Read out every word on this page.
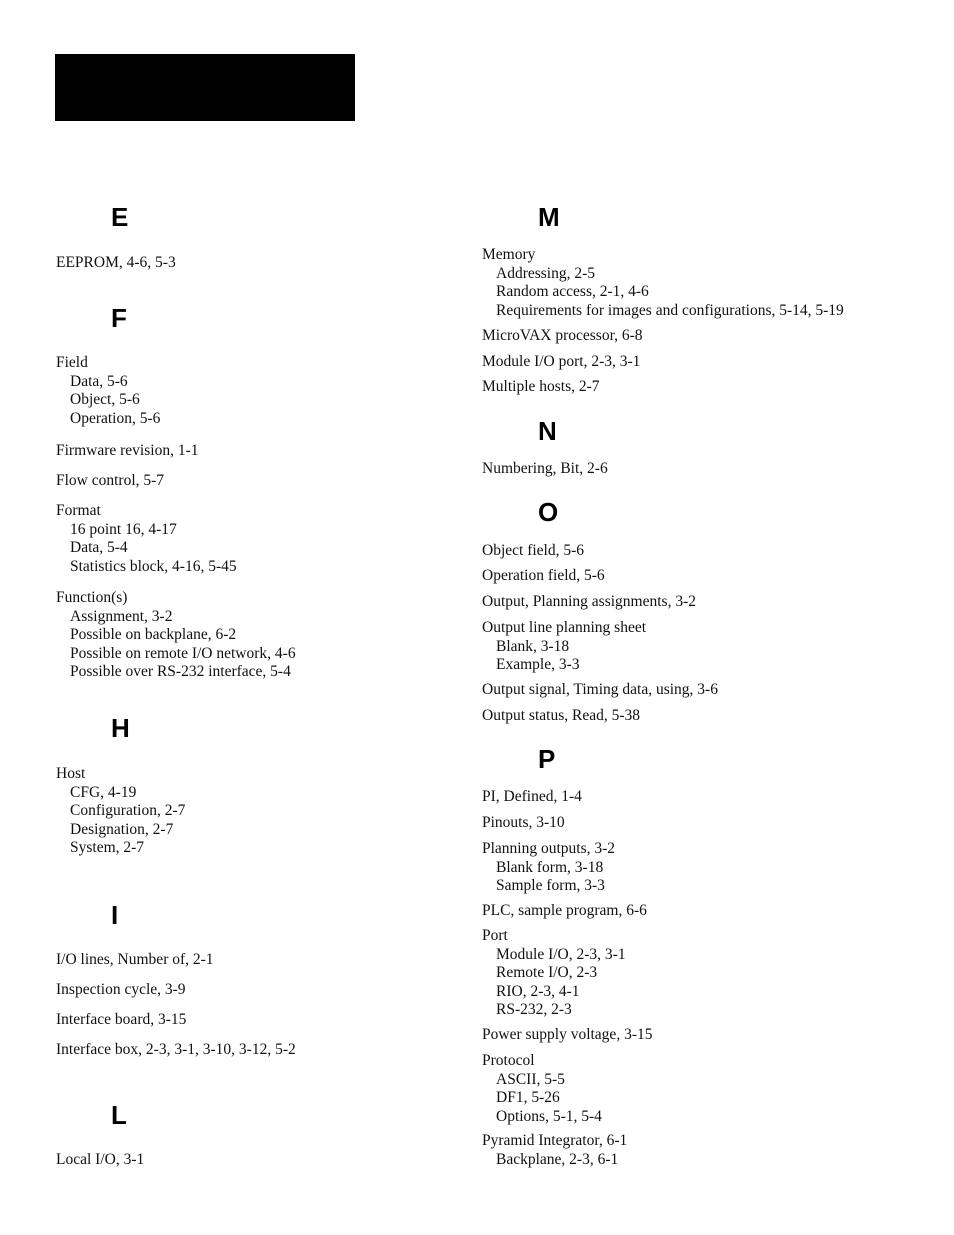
E
EEPROM, 4-6, 5-3
F
Field
Data, 5-6
Object, 5-6
Operation, 5-6
Firmware revision, 1-1
Flow control, 5-7
Format
16 point 16, 4-17
Data, 5-4
Statistics block, 4-16, 5-45
Function(s)
Assignment, 3-2
Possible on backplane, 6-2
Possible on remote I/O network, 4-6
Possible over RS-232 interface, 5-4
H
Host
CFG, 4-19
Configuration, 2-7
Designation, 2-7
System, 2-7
I
I/O lines, Number of, 2-1
Inspection cycle, 3-9
Interface board, 3-15
Interface box, 2-3, 3-1, 3-10, 3-12, 5-2
L
Local I/O, 3-1
M
Memory
Addressing, 2-5
Random access, 2-1, 4-6
Requirements for images and configurations, 5-14, 5-19
MicroVAX processor, 6-8
Module I/O port, 2-3, 3-1
Multiple hosts, 2-7
N
Numbering, Bit, 2-6
O
Object field, 5-6
Operation field, 5-6
Output, Planning assignments, 3-2
Output line planning sheet
Blank, 3-18
Example, 3-3
Output signal, Timing data, using, 3-6
Output status, Read, 5-38
P
PI, Defined, 1-4
Pinouts, 3-10
Planning outputs, 3-2
Blank form, 3-18
Sample form, 3-3
PLC, sample program, 6-6
Port
Module I/O, 2-3, 3-1
Remote I/O, 2-3
RIO, 2-3, 4-1
RS-232, 2-3
Power supply voltage, 3-15
Protocol
ASCII, 5-5
DF1, 5-26
Options, 5-1, 5-4
Pyramid Integrator, 6-1
Backplane, 2-3, 6-1
